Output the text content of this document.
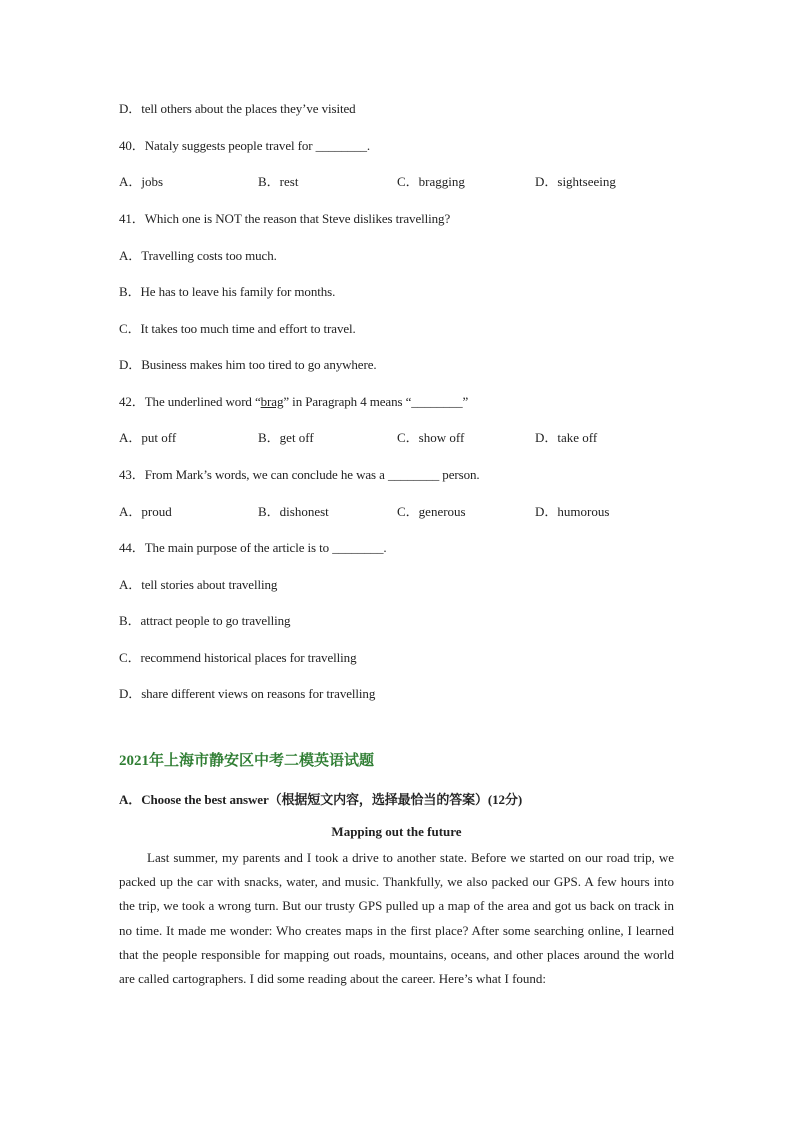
D．tell others about the places they’ve visited
40．Nataly suggests people travel for ________.
A．jobs	B．rest	C．bragging	D．sightseeing
41．Which one is NOT the reason that Steve dislikes travelling?
A．Travelling costs too much.
B．He has to leave his family for months.
C．It takes too much time and effort to travel.
D．Business makes him too tired to go anywhere.
42．The underlined word “brag” in Paragraph 4 means “________”
A．put off	B．get off	C．show off	D．take off
43．From Mark’s words, we can conclude he was a ________ person.
A．proud	B．dishonest	C．generous	D．humorous
44．The main purpose of the article is to ________.
A．tell stories about travelling
B．attract people to go travelling
C．recommend historical places for travelling
D．share different views on reasons for travelling
2021年上海市静安区中考二模英语试题
A．Choose the best answer（根据短文内容，选择最恰当的答案）(12分)
Mapping out the future

Last summer, my parents and I took a drive to another state. Before we started on our road trip, we packed up the car with snacks, water, and music. Thankfully, we also packed our GPS. A few hours into the trip, we took a wrong turn. But our trusty GPS pulled up a map of the area and got us back on track in no time. It made me wonder: Who creates maps in the first place? After some searching online, I learned that the people responsible for mapping out roads, mountains, oceans, and other places around the world are called cartographers. I did some reading about the career. Here’s what I found:
